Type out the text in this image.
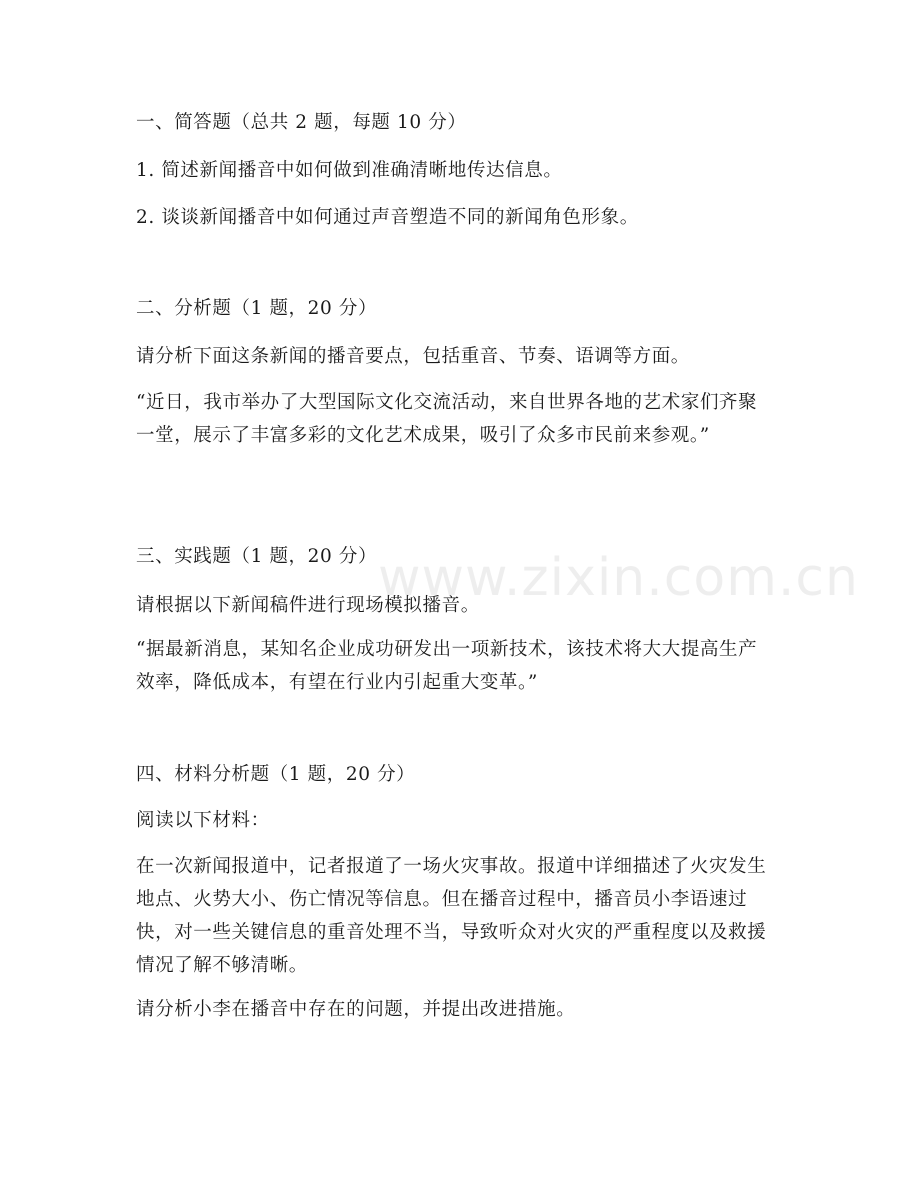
www.zixin.com.cn
一、简答题（总共 2 题，每题 10 分）
1. 简述新闻播音中如何做到准确清晰地传达信息。
2. 谈谈新闻播音中如何通过声音塑造不同的新闻角色形象。
二、分析题（1 题，20 分）
请分析下面这条新闻的播音要点，包括重音、节奏、语调等方面。
“近日，我市举办了大型国际文化交流活动，来自世界各地的艺术家们齐聚一堂，展示了丰富多彩的文化艺术成果，吸引了众多市民前来参观。”
三、实践题（1 题，20 分）
请根据以下新闻稿件进行现场模拟播音。
“据最新消息，某知名企业成功研发出一项新技术，该技术将大大提高生产效率，降低成本，有望在行业内引起重大变革。”
四、材料分析题（1 题，20 分）
阅读以下材料：
在一次新闻报道中，记者报道了一场火灾事故。报道中详细描述了火灾发生地点、火势大小、伤亡情况等信息。但在播音过程中，播音员小李语速过快，对一些关键信息的重音处理不当，导致听众对火灾的严重程度以及救援情况了解不够清晰。
请分析小李在播音中存在的问题，并提出改进措施。
